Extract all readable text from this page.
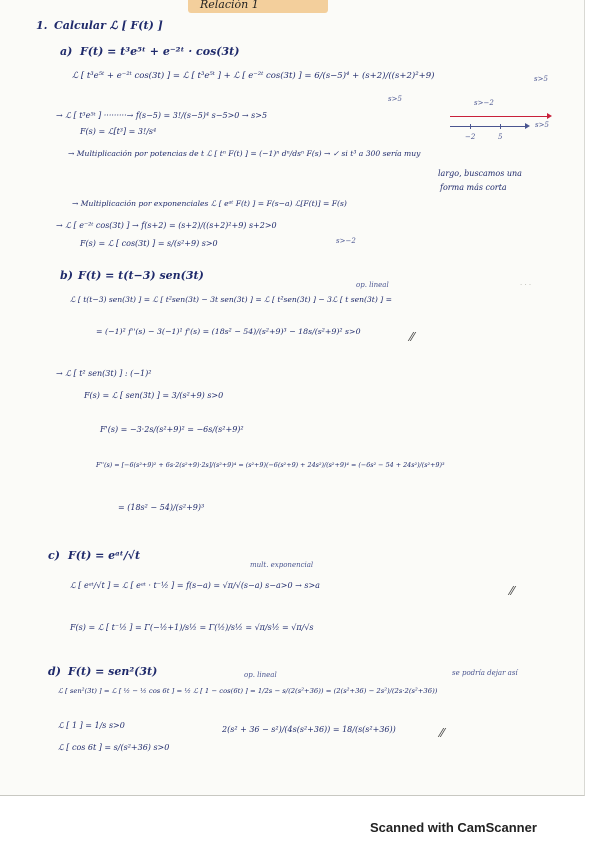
Relación 1
1. Calcular ℒ [ F(t) ]
a) F(t) = t³e⁵ᵗ + e⁻²ᵗ · cos(3t)
ℒ [ t³e⁵ᵗ + e⁻²ᵗ cos(3t) ] = ℒ [ t³e⁵ᵗ ] + ℒ [ e⁻²ᵗ cos(3t) ] = 6/(s−5)⁴ + (s+2)/((s+2)²+9)
s>5
s>5
s>−2
→ ℒ [ t³e⁵ᵗ ] ·········→ f(s−5) = 3!/(s−5)⁴ s−5>0 → s>5
F(s) = ℒ[t³] = 3!/s⁴
−2	5
s>5
→ Multiplicación por potencias de t ℒ [ tⁿ F(t) ] = (−1)ⁿ dⁿ/dsⁿ F(s) → ✓ si t³ a 300 sería muy
largo, buscamos una
forma más corta
→ Multiplicación por exponenciales ℒ [ eᵃᵗ F(t) ] = F(s−a) ℒ[F(t)] = F(s)
→ ℒ [ e⁻²ᵗ cos(3t) ] → f(s+2) = (s+2)/((s+2)²+9) s+2>0
s>−2
F(s) = ℒ [ cos(3t) ] = s/(s²+9) s>0
b) F(t) = t(t−3) sen(3t)
op. lineal
ℒ [ t(t−3) sen(3t) ] = ℒ [ t²sen(3t) − 3t sen(3t) ] = ℒ [ t²sen(3t) ] − 3ℒ [ t sen(3t) ] =
= (−1)² f''(s) − 3(−1)¹ f'(s) = (18s² − 54)/(s²+9)³ − 18s/(s²+9)² s>0	⁄⁄
→ ℒ [ t² sen(3t) ] : (−1)²
F(s) = ℒ [ sen(3t) ] = 3/(s²+9) s>0
F'(s) = −3·2s/(s²+9)² = −6s/(s²+9)²
F''(s) = [−6(s²+9)² + 6s·2(s²+9)·2s]/(s²+9)⁴ = (s²+9)(−6(s²+9) + 24s²)/(s²+9)⁴ = (−6s² − 54 + 24s²)/(s²+9)³
= (18s² − 54)/(s²+9)³
c) F(t) = eᵃᵗ/√t
mult. exponencial
ℒ [ eᵃᵗ/√t ] = ℒ [ eᵃᵗ · t⁻½ ] = f(s−a) = √π/√(s−a) s−a>0 → s>a	⁄⁄
F(s) = ℒ [ t⁻½ ] = Γ(−½+1)/s½ = Γ(½)/s½ = √π/s½ = √π/√s
d) F(t) = sen²(3t)	op. lineal	se podría dejar así
ℒ [ sen²(3t) ] = ℒ [ ½ − ½ cos 6t ] = ½ ℒ [ 1 − cos(6t) ] = 1/2s − s/(2(s²+36)) = (2(s²+36) − 2s²)/(2s·2(s²+36))
ℒ [ 1 ] = 1/s s>0
ℒ [ cos 6t ] = s/(s²+36) s>0
2(s² + 36 − s²)/(4s(s²+36)) = 18/(s(s²+36))	⁄⁄
· · ·
Scanned with CamScanner
